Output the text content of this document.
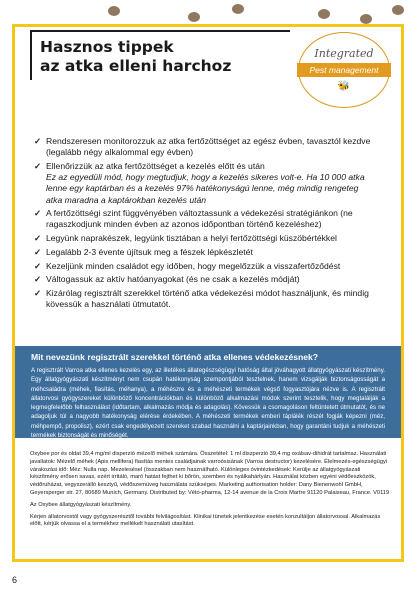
Hasznos tippek
az atka elleni harchoz
Integrated
Pest management
🐝
✓ Rendszeresen monitorozzuk az atka fertőzöttséget az egész évben, tavasztól kezdve (legalább négy alkalommal egy évben)
✓ Ellenőrizzük az atka fertőzöttséget a kezelés előtt és után
Ez az egyedüli mód, hogy megtudjuk, hogy a kezelés sikeres volt-e. Ha 10 000 atka lenne egy kaptárban és a kezelés 97% hatékonyságú lenne, még mindig rengeteg atka maradna a kaptárokban kezelés után
✓ A fertőzöttségi szint függvényében változtassunk a védekezési stratégiánkon (ne ragaszkodjunk minden évben az azonos időpontban történő kezeléshez)
✓ Legyünk naprakészek, legyünk tisztában a helyi fertőzöttségi küszöbértékkel
✓ Legalább 2-3 évente újítsuk meg a fészek lépkészletét
✓ Kezeljünk minden családot egy időben, hogy megelőzzük a visszafertőződést
✓ Váltogassuk az aktív hatóanyagokat (és ne csak a kezelés módját)
✓ Kizárólag regisztrált szerekkel történő atka védekezési módot használjunk, és mindig kövessük a használati útmutatót.
Mit nevezünk regisztrált szerekkel történő atka ellenes védekezésnek?
A regisztrált Varroa atka ellenes kezelés egy, az illetékes állategészségügyi hatóság által jóváhagyott állatgyógyászati készítmény. Egy állatgyógyászati készítményt nem csupán hatékonyság szempontjából tesztelnek, hanem vizsgálják biztonságosságát a méhcsaládra (méhek, fiasítás, méhanya), a méhészre és a méhészeti termékek végső fogyasztójára nézve is. A regisztrált állatorvosi gyógyszereket különböző koncentrációkban és különböző alkalmazási módok szerint tesztelik, hogy megtalálják a legmegfelelőbb felhasználást (időtartam, alkalmazás módja és adagolás). Kövessük a csomagoláson feltüntetett útmutatót, és ne adagoljuk túl a nagyobb hatékonyság elérése érdekében. A méhészeti termékek emberi táplálék részét fogják képezni (méz, méhpempő, propolisz), ezért csak engedélyezett szereket szabad használni a kaptárjainkban, hogy garantáni tudjuk a méhészeti termékek biztonságát és minőségét.

Oxybee por és oldat 39,4 mg/ml disperzió mézelő méhek számára. Összetétel: 1 ml diszperzió 39,4 mg oxálsav-dihidrát tartalmaz. Használati javallatok: Mézelő méhek (Apis mellifera) fiasítás mentes családjainak varroósisának (Varroa destructor) kezelésére. Élelmezés-egészségügyi várakozási idő: Méz: Nulla nap. Mezelesésel (összakban nem használható. Különleges óvintézkedések: Kerülje az állatgyógyászati készítmény erősen savas, ezért irritáló, maró hatást fejthet ki bőrön, szemben és nyálkahártyán. Használat közben egyéni védőeszközök, védőruházat, vegyszerálló kesztyű, védőszemüveg használata szükséges. Marketing authorisation holder: Dany Bienenwohl GmbH, Geyersperger str. 27, 80689 Munich, Germany. Distributed by: Véto-pharma, 12-14 avenue de la Croix Martre 91120 Palaiseau, France. V0119

Az Oxybee állatgyógyászati készítmény.

Kérjen állatorvostól vagy gyógyszerésztől további felvilágosítást. Klinikai tünetek jelentkezése esetén konzultáljon állatorvossal. Alkalmazás előtt, kérjük olvassa el a termékhez mellékelt használati utasítást.

6
